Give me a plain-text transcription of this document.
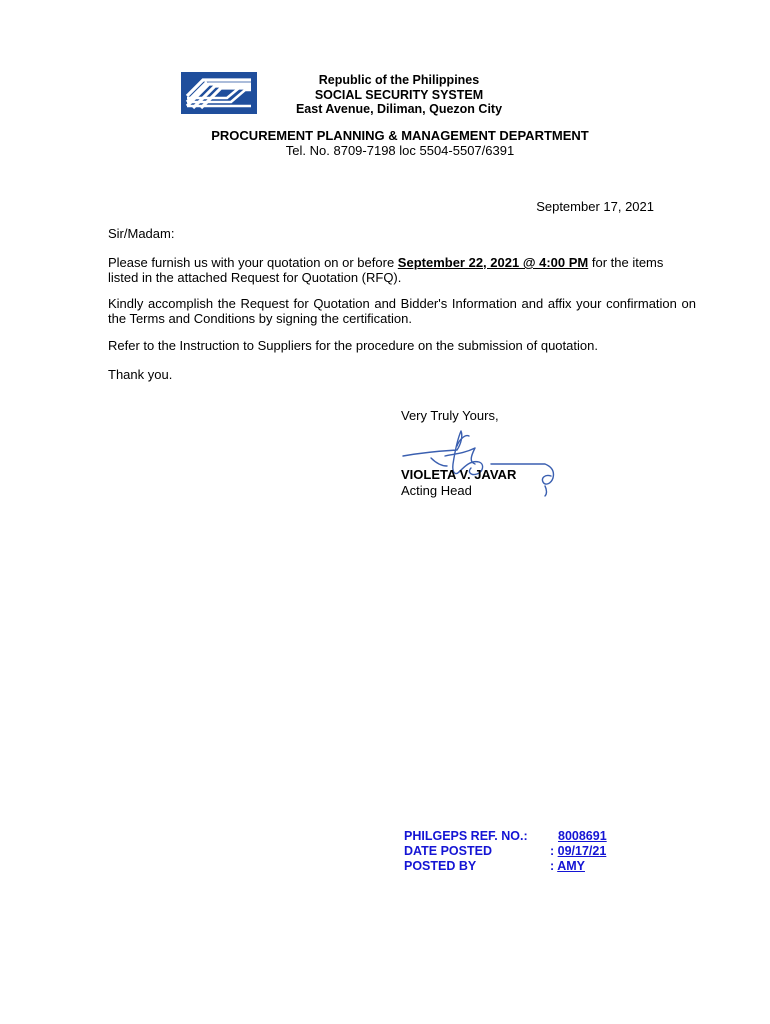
Republic of the Philippines
SOCIAL SECURITY SYSTEM
East Avenue, Diliman, Quezon City
PROCUREMENT PLANNING & MANAGEMENT DEPARTMENT
Tel. No. 8709-7198 loc 5504-5507/6391
September 17, 2021
Sir/Madam:
Please furnish us with your quotation on or before September 22, 2021 @ 4:00 PM for the items listed in the attached Request for Quotation (RFQ).
Kindly accomplish the Request for Quotation and Bidder's Information and affix your confirmation on the Terms and Conditions by signing the certification.
Refer to the Instruction to Suppliers for the procedure on the submission of quotation.
Thank you.
Very Truly Yours,
VIOLETA V. JAVAR
Acting Head
PHILGEPS REF. NO.: 8008691
DATE POSTED	: 09/17/21
POSTED BY	: AMY
